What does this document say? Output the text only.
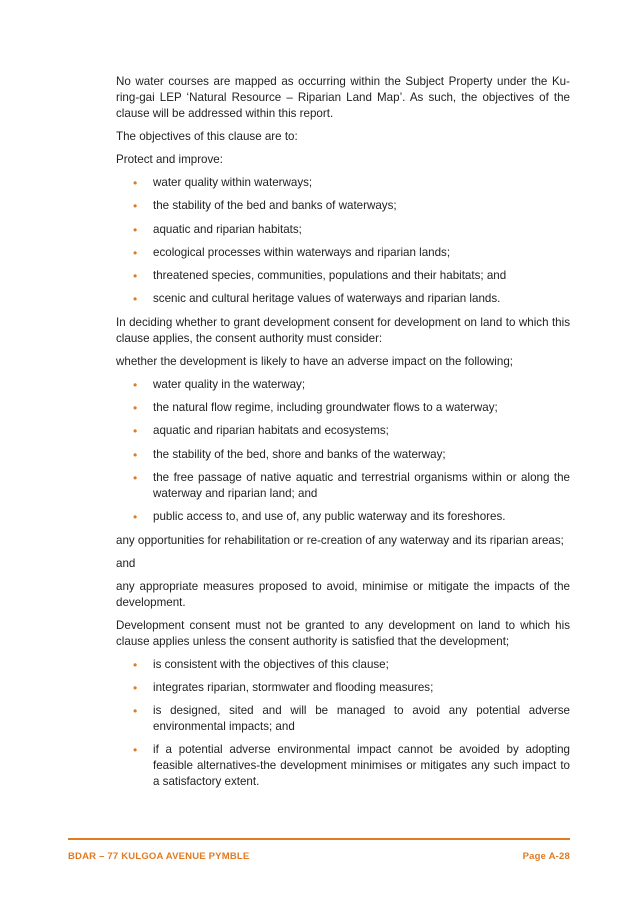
No water courses are mapped as occurring within the Subject Property under the Ku-ring-gai LEP ‘Natural Resource – Riparian Land Map’. As such, the objectives of the clause will be addressed within this report.

The objectives of this clause are to:

Protect and improve:

• water quality within waterways;
• the stability of the bed and banks of waterways;
• aquatic and riparian habitats;
• ecological processes within waterways and riparian lands;
• threatened species, communities, populations and their habitats; and
• scenic and cultural heritage values of waterways and riparian lands.

In deciding whether to grant development consent for development on land to which this clause applies, the consent authority must consider:

whether the development is likely to have an adverse impact on the following;

• water quality in the waterway;
• the natural flow regime, including groundwater flows to a waterway;
• aquatic and riparian habitats and ecosystems;
• the stability of the bed, shore and banks of the waterway;
• the free passage of native aquatic and terrestrial organisms within or along the waterway and riparian land; and
• public access to, and use of, any public waterway and its foreshores.

any opportunities for rehabilitation or re-creation of any waterway and its riparian areas;

and

any appropriate measures proposed to avoid, minimise or mitigate the impacts of the development.

Development consent must not be granted to any development on land to which his clause applies unless the consent authority is satisfied that the development;

• is consistent with the objectives of this clause;
• integrates riparian, stormwater and flooding measures;
• is designed, sited and will be managed to avoid any potential adverse environmental impacts; and
• if a potential adverse environmental impact cannot be avoided by adopting feasible alternatives-the development minimises or mitigates any such impact to a satisfactory extent.
BDAR – 77 KULGOA AVENUE PYMBLE	Page A-28
